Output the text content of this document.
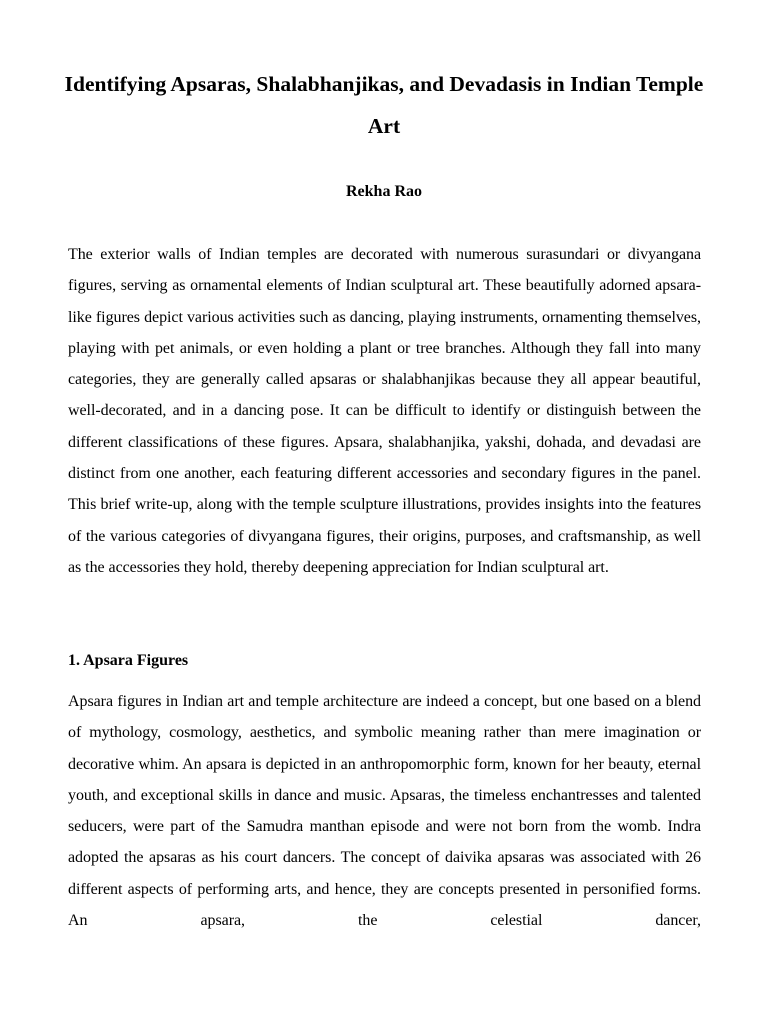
Identifying Apsaras, Shalabhanjikas, and Devadasis in Indian Temple Art

Rekha Rao

The exterior walls of Indian temples are decorated with numerous surasundari or divyangana figures, serving as ornamental elements of Indian sculptural art. These beautifully adorned apsara-like figures depict various activities such as dancing, playing instruments, ornamenting themselves, playing with pet animals, or even holding a plant or tree branches. Although they fall into many categories, they are generally called apsaras or shalabhanjikas because they all appear beautiful, well-decorated, and in a dancing pose. It can be difficult to identify or distinguish between the different classifications of these figures. Apsara, shalabhanjika, yakshi, dohada, and devadasi are distinct from one another, each featuring different accessories and secondary figures in the panel. This brief write-up, along with the temple sculpture illustrations, provides insights into the features of the various categories of divyangana figures, their origins, purposes, and craftsmanship, as well as the accessories they hold, thereby deepening appreciation for Indian sculptural art.

1. Apsara Figures

Apsara figures in Indian art and temple architecture are indeed a concept, but one based on a blend of mythology, cosmology, aesthetics, and symbolic meaning rather than mere imagination or decorative whim. An apsara is depicted in an anthropomorphic form, known for her beauty, eternal youth, and exceptional skills in dance and music. Apsaras, the timeless enchantresses and talented seducers, were part of the Samudra manthan episode and were not born from the womb. Indra adopted the apsaras as his court dancers. The concept of daivika apsaras was associated with 26 different aspects of performing arts, and hence, they are concepts presented in personified forms. An apsara, the celestial dancer,
